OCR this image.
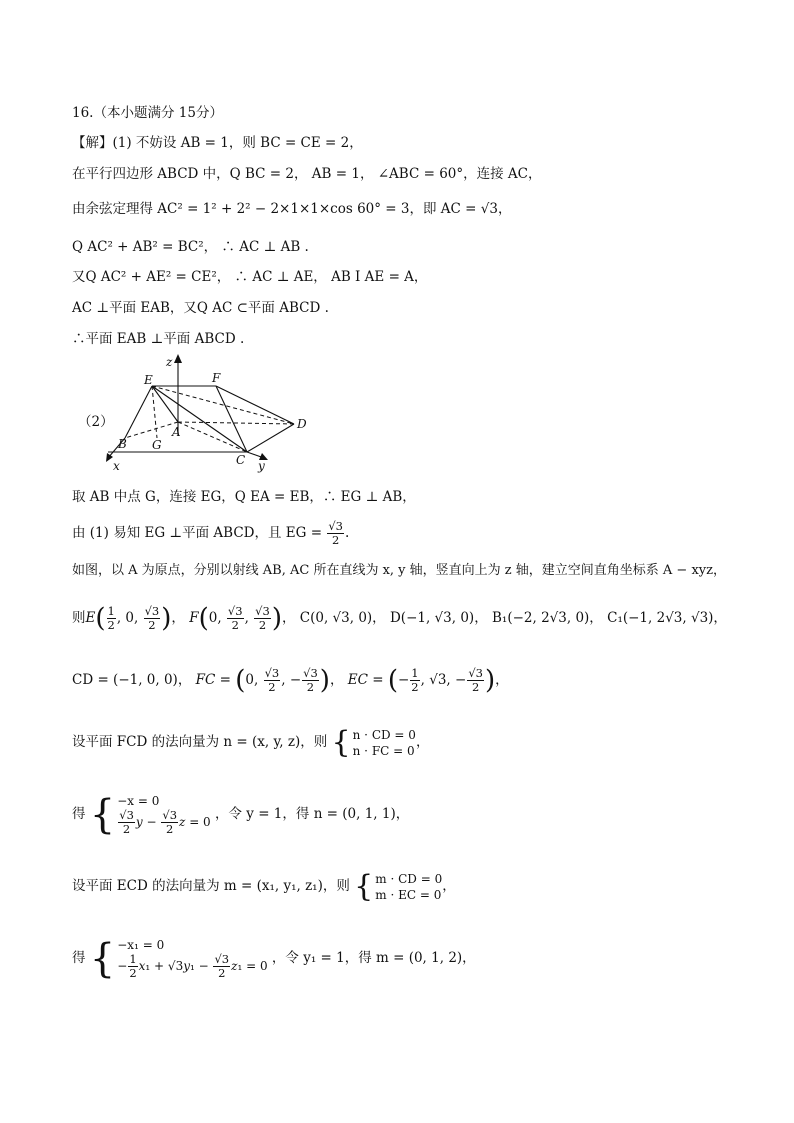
16.（本小题满分 15分）
【解】(1) 不妨设 AB = 1，则 BC = CE = 2，
在平行四边形 ABCD 中，Q BC = 2， AB = 1， ∠ABC = 60°，连接 AC，
由余弦定理得 AC² = 1² + 2² − 2×1×1×cos 60° = 3，即 AC = √3，
Q AC² + AB² = BC²， ∴ AC ⊥ AB .
又Q AC² + AE² = CE²， ∴ AC ⊥ AE， AB I AE = A，
AC ⊥平面 EAB，又Q AC ⊂平面 ABCD .
∴平面 EAB ⊥平面 ABCD .
（2）
z
E	F
A
D
B G
C
x	y
取 AB 中点 G，连接 EG，Q EA = EB，∴ EG ⊥ AB，
由 (1) 易知 EG ⊥平面 ABCD，且 EG = $\frac{√3}{2}$ .
如图，以 A 为原点，分别以射线 AB, AC 所在直线为 x, y 轴，竖直向上为 z 轴，建立空间直角坐标系 A − xyz，
则$E( \frac{1}{2}$ , 0, $\frac{√3}{2}$ )， F(0, $\frac{√3}{2}$ , $\frac{√3}{2}$ )， C(0, √3, 0)， D(−1, √3, 0)， B₁(−2, 2√3, 0)， C₁(−1, 2√3, √3)，
CD = (−1, 0, 0)， FC = (0, $\frac{√3}{2}$ , − $\frac{√3}{2}$ )， EC = (− $\frac{1}{2}$ , √3, − $\frac{√3}{2}$ )，
设平面 FCD 的法向量为 n = (x, y, z)，则 { n · CD = 0
n · FC = 0
，
得 { −x = 0
$\frac{√3}{2}$ $y - \frac{√3}{2}$ z = 0 ，令 y = 1，得 n = (0, 1, 1)，
设平面 ECD 的法向量为 m = (x₁, y₁, z₁)，则 { m · CD = 0
m · EC = 0
，
得 { −x₁ = 0
− $\frac{1}{2} x_1 + √3y_1 - \frac{√3}{2} z_1 = 0$ ，令 y₁ = 1，得 m = (0, 1, 2)，
